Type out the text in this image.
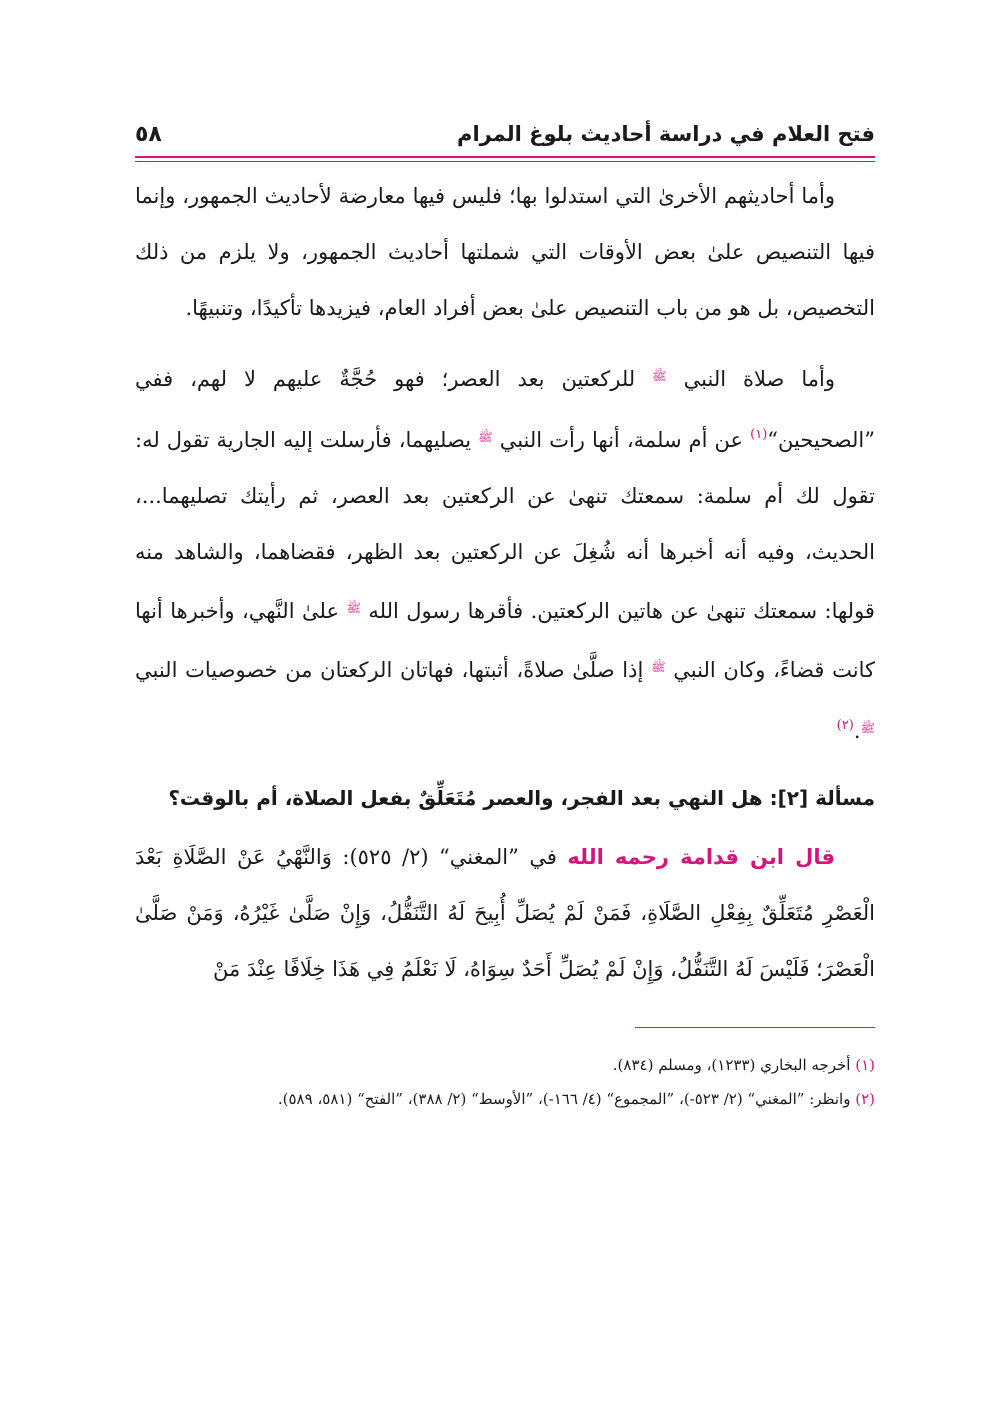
فتح العلام في دراسة أحاديث بلوغ المرام
٥٨

وأما أحاديثهم الأخرىٰ التي استدلوا بها؛ فليس فيها معارضة لأحاديث الجمهور، وإنما فيها التنصيص علىٰ بعض الأوقات التي شملتها أحاديث الجمهور، ولا يلزم من ذلك التخصيص، بل هو من باب التنصيص علىٰ بعض أفراد العام، فيزيدها تأكيدًا، وتنبيهًا.

وأما صلاة النبي $^ﷺ$ للركعتين بعد العصر؛ فهو حُجَّةٌ عليهم لا لهم، ففي ”الصحيحين“$^{(١)}$ عن أم سلمة، أنها رأت النبي $^ﷺ$ يصليهما، فأرسلت إليه الجارية تقول له: تقول لك أم سلمة: سمعتك تنهىٰ عن الركعتين بعد العصر، ثم رأيتك تصليهما...، الحديث، وفيه أنه أخبرها أنه شُغِلَ عن الركعتين بعد الظهر، فقضاهما، والشاهد منه قولها: سمعتك تنهىٰ عن هاتين الركعتين. فأقرها رسول الله $^ﷺ$ علىٰ النَّهي، وأخبرها أنها كانت قضاءً، وكان النبي $^ﷺ$ إذا صلَّىٰ صلاةً، أثبتها، فهاتان الركعتان من خصوصيات النبي $^ﷺ$.$^{(٢)}$

مسألة [٢]: هل النهي بعد الفجر، والعصر مُتَعَلِّقٌ بفعل الصلاة، أم بالوقت؟

قال ابن قدامة رحمه الله في ”المغني“ (٢/ ٥٢٥): وَالنَّهْيُ عَنْ الصَّلَاةِ بَعْدَ الْعَصْرِ مُتَعَلِّقٌ بِفِعْلِ الصَّلَاةِ، فَمَنْ لَمْ يُصَلِّ أُبِيحَ لَهُ التَّنَفُّلُ، وَإِنْ صَلَّىٰ غَيْرُهُ، وَمَنْ صَلَّىٰ الْعَصْرَ؛ فَلَيْسَ لَهُ التَّنَفُّلُ، وَإِنْ لَمْ يُصَلِّ أَحَدٌ سِوَاهُ، لَا نَعْلَمُ فِي هَذَا خِلَافًا عِنْدَ مَنْ

(١) أخرجه البخاري (١٢٣٣)، ومسلم (٨٣٤).

(٢) وانظر: ”المغني“ (٢/ ٥٢٣-)، ”المجموع“ (٤/ ١٦٦-)، ”الأوسط“ (٢/ ٣٨٨)، ”الفتح“ (٥٨١، ٥٨٩).
